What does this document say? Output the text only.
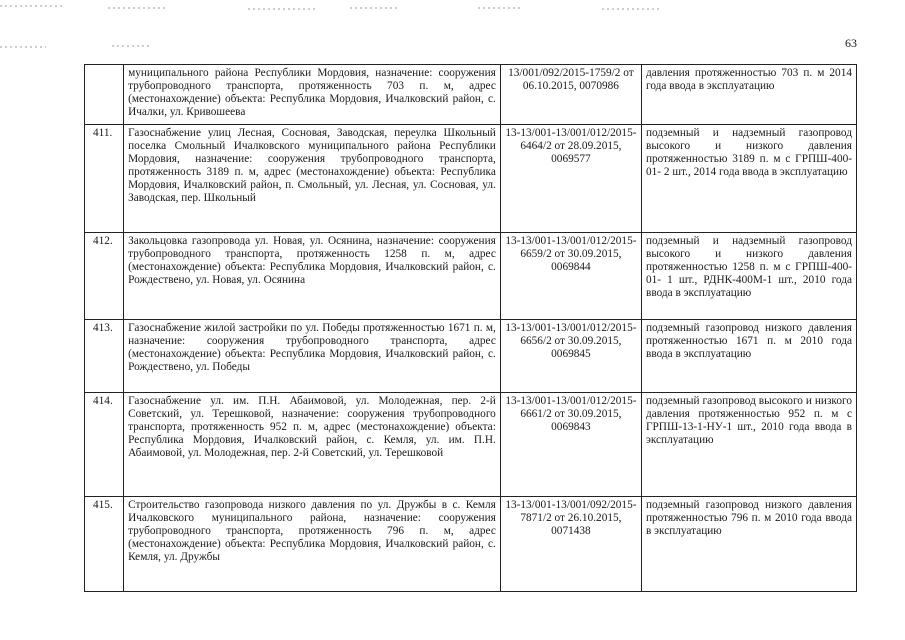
63
	муниципального района Республики Мордовия, назначение: сооружения трубопроводного транспорта, протяженность 703 п. м, адрес (местонахождение) объекта: Республика Мордовия, Ичалковский район, с. Ичалки, ул. Кривошеева	13/001/092/2015-1759/2 от 06.10.2015, 0070986	давления протяженностью 703 п. м 2014 года ввода в эксплуатацию
411.	Газоснабжение улиц Лесная, Сосновая, Заводская, переулка Школьный поселка Смольный Ичалковского муниципального района Республики Мордовия, назначение: сооружения трубопроводного транспорта, протяженность 3189 п. м, адрес (местонахождение) объекта: Республика Мордовия, Ичалковский район, п. Смольный, ул. Лесная, ул. Сосновая, ул. Заводская, пер. Школьный	13-13/001-13/001/012/2015-6464/2 от 28.09.2015, 0069577	подземный и надземный газопровод высокого и низкого давления протяженностью 3189 п. м с ГРПШ-400-01- 2 шт., 2014 года ввода в эксплуатацию
412.	Закольцовка газопровода ул. Новая, ул. Осянина, назначение: сооружения трубопроводного транспорта, протяженность 1258 п. м, адрес (местонахождение) объекта: Республика Мордовия, Ичалковский район, с. Рождествено, ул. Новая, ул. Осянина	13-13/001-13/001/012/2015-6659/2 от 30.09.2015, 0069844	подземный и надземный газопровод высокого и низкого давления протяженностью 1258 п. м с ГРПШ-400-01- 1 шт., РДНК-400М-1 шт., 2010 года ввода в эксплуатацию
413.	Газоснабжение жилой застройки по ул. Победы протяженностью 1671 п. м, назначение: сооружения трубопроводного транспорта, адрес (местонахождение) объекта: Республика Мордовия, Ичалковский район, с. Рождествено, ул. Победы	13-13/001-13/001/012/2015-6656/2 от 30.09.2015, 0069845	подземный газопровод низкого давления протяженностью 1671 п. м 2010 года ввода в эксплуатацию
414.	Газоснабжение ул. им. П.Н. Абаимовой, ул. Молодежная, пер. 2-й Советский, ул. Терешковой, назначение: сооружения трубопроводного транспорта, протяженность 952 п. м, адрес (местонахождение) объекта: Республика Мордовия, Ичалковский район, с. Кемля, ул. им. П.Н. Абаимовой, ул. Молодежная, пер. 2-й Советский, ул. Терешковой	13-13/001-13/001/012/2015-6661/2 от 30.09.2015, 0069843	подземный газопровод высокого и низкого давления протяженностью 952 п. м с ГРПШ-13-1-НУ-1 шт., 2010 года ввода в эксплуатацию
415.	Строительство газопровода низкого давления по ул. Дружбы в с. Кемля Ичалковского муниципального района, назначение: сооружения трубопроводного транспорта, протяженность 796 п. м, адрес (местонахождение) объекта: Республика Мордовия, Ичалковский район, с. Кемля, ул. Дружбы	13-13/001-13/001/092/2015-7871/2 от 26.10.2015, 0071438	подземный газопровод низкого давления протяженностью 796 п. м 2010 года ввода в эксплуатацию
